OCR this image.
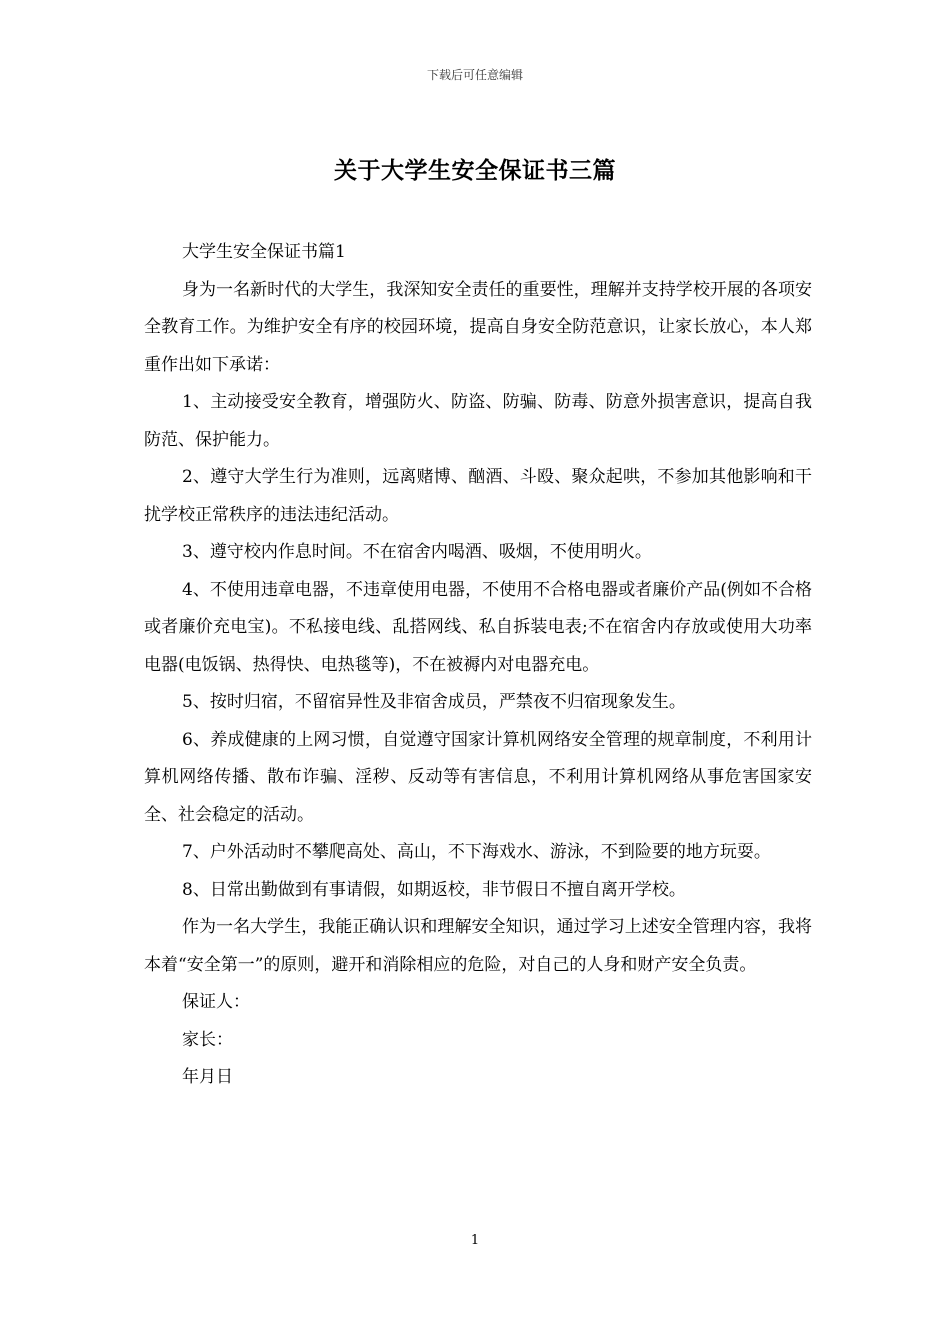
下载后可任意编辑
关于大学生安全保证书三篇

大学生安全保证书篇1

身为一名新时代的大学生，我深知安全责任的重要性，理解并支持学校开展的各项安全教育工作。为维护安全有序的校园环境，提高自身安全防范意识，让家长放心，本人郑重作出如下承诺：

1、主动接受安全教育，增强防火、防盗、防骗、防毒、防意外损害意识，提高自我防范、保护能力。

2、遵守大学生行为准则，远离赌博、酗酒、斗殴、聚众起哄，不参加其他影响和干扰学校正常秩序的违法违纪活动。

3、遵守校内作息时间。不在宿舍内喝酒、吸烟，不使用明火。

4、不使用违章电器，不违章使用电器，不使用不合格电器或者廉价产品(例如不合格或者廉价充电宝)。不私接电线、乱搭网线、私自拆装电表;不在宿舍内存放或使用大功率电器(电饭锅、热得快、电热毯等)，不在被褥内对电器充电。

5、按时归宿，不留宿异性及非宿舍成员，严禁夜不归宿现象发生。

6、养成健康的上网习惯，自觉遵守国家计算机网络安全管理的规章制度，不利用计算机网络传播、散布诈骗、淫秽、反动等有害信息，不利用计算机网络从事危害国家安全、社会稳定的活动。

7、户外活动时不攀爬高处、高山，不下海戏水、游泳，不到险要的地方玩耍。

8、日常出勤做到有事请假，如期返校，非节假日不擅自离开学校。

作为一名大学生，我能正确认识和理解安全知识，通过学习上述安全管理内容，我将本着“安全第一”的原则，避开和消除相应的危险，对自己的人身和财产安全负责。

保证人：

家长：

年月日

1
